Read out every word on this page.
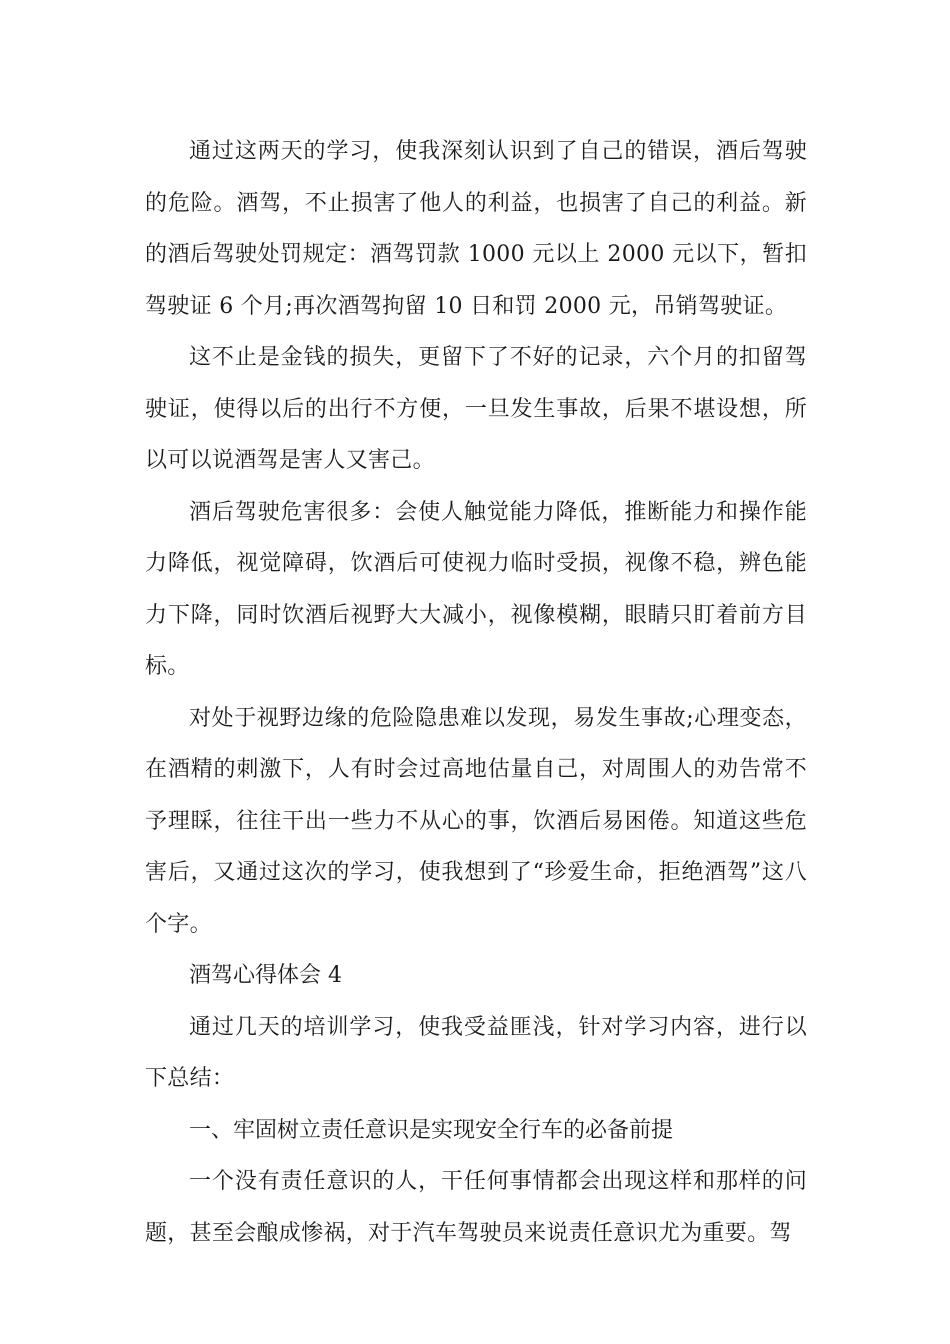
通过这两天的学习，使我深刻认识到了自己的错误，酒后驾驶的危险。酒驾，不止损害了他人的利益，也损害了自己的利益。新的酒后驾驶处罚规定：酒驾罚款 1000 元以上 2000 元以下，暂扣驾驶证 6 个月;再次酒驾拘留 10 日和罚 2000 元，吊销驾驶证。

这不止是金钱的损失，更留下了不好的记录，六个月的扣留驾驶证，使得以后的出行不方便，一旦发生事故，后果不堪设想，所以可以说酒驾是害人又害己。

酒后驾驶危害很多：会使人触觉能力降低，推断能力和操作能力降低，视觉障碍，饮酒后可使视力临时受损，视像不稳，辨色能力下降，同时饮酒后视野大大减小，视像模糊，眼睛只盯着前方目标。

对处于视野边缘的危险隐患难以发现，易发生事故;心理变态，在酒精的刺激下，人有时会过高地估量自己，对周围人的劝告常不予理睬，往往干出一些力不从心的事，饮酒后易困倦。知道这些危害后，又通过这次的学习，使我想到了“珍爱生命，拒绝酒驾”这八个字。

酒驾心得体会 4

通过几天的培训学习，使我受益匪浅，针对学习内容，进行以下总结：

一、牢固树立责任意识是实现安全行车的必备前提

一个没有责任意识的人，干任何事情都会出现这样和那样的问题，甚至会酿成惨祸，对于汽车驾驶员来说责任意识尤为重要。驾
